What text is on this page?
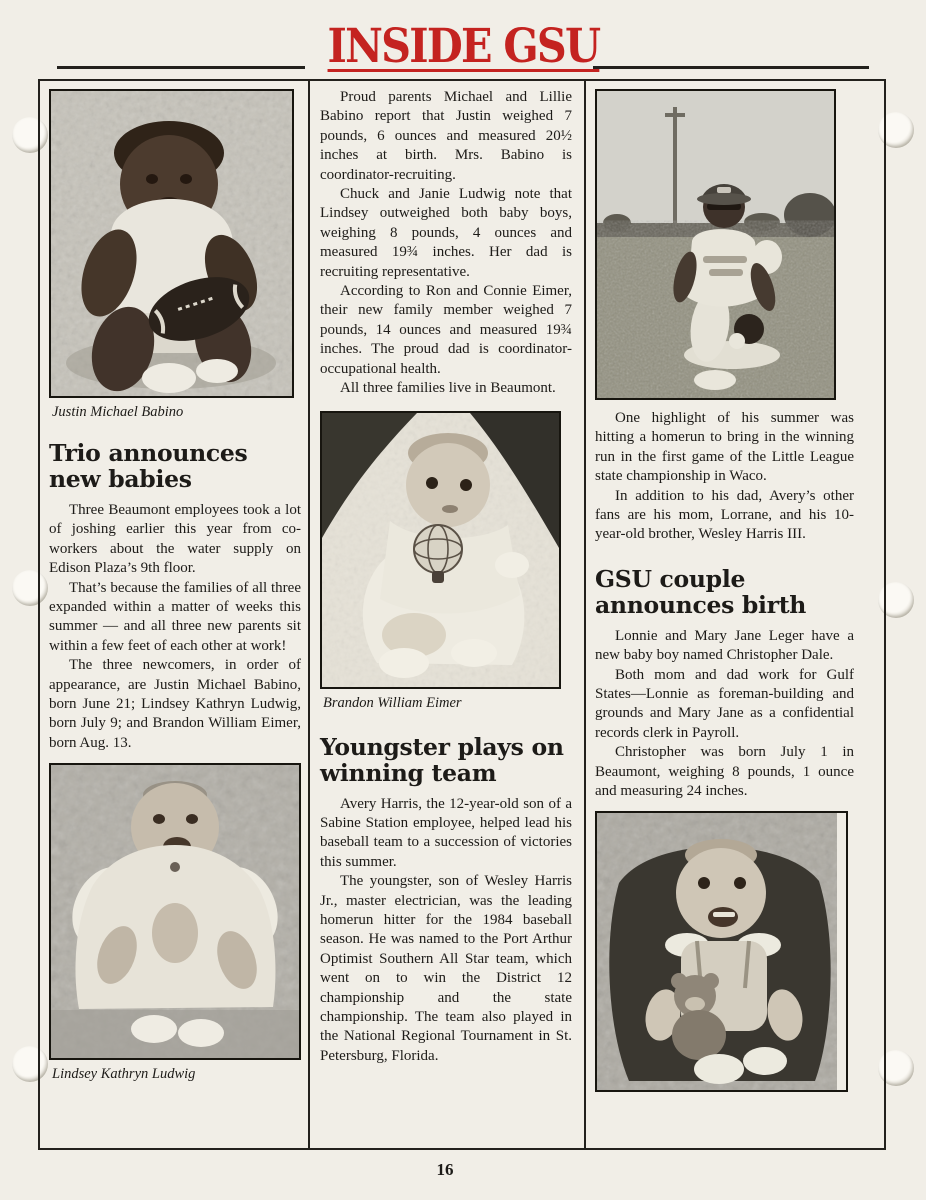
INSIDE GSU
Justin Michael Babino
Trio announces new babies

Three Beaumont employees took a lot of joshing earlier this year from co-workers about the water supply on Edison Plaza’s 9th floor.

That’s because the families of all three expanded within a matter of weeks this summer — and all three new parents sit within a few feet of each other at work!

The three newcomers, in order of appearance, are Justin Michael Babino, born June 21; Lindsey Kathryn Ludwig, born July 9; and Brandon William Eimer, born Aug. 13.

Lindsey Kathryn Ludwig

Proud parents Michael and Lillie Babino report that Justin weighed 7 pounds, 6 ounces and measured 20½ inches at birth. Mrs. Babino is coordinator-recruiting.

Chuck and Janie Ludwig note that Lindsey outweighed both baby boys, weighing 8 pounds, 4 ounces and measured 19¾ inches. Her dad is recruiting representative.

According to Ron and Connie Eimer, their new family member weighed 7 pounds, 14 ounces and measured 19¾ inches. The proud dad is coordinator-occupational health.

All three families live in Beaumont.

Brandon William Eimer
Youngster plays on winning team

Avery Harris, the 12-year-old son of a Sabine Station employee, helped lead his baseball team to a succession of victories this summer.

The youngster, son of Wesley Harris Jr., master electrician, was the leading homerun hitter for the 1984 baseball season. He was named to the Port Arthur Optimist Southern All Star team, which went on to win the District 12 championship and the state championship. The team also played in the National Regional Tournament in St. Petersburg, Florida.

One highlight of his summer was hitting a homerun to bring in the winning run in the first game of the Little League state championship in Waco.

In addition to his dad, Avery’s other fans are his mom, Lorrane, and his 10-year-old brother, Wesley Harris III.

GSU couple announces birth

Lonnie and Mary Jane Leger have a new baby boy named Christopher Dale.

Both mom and dad work for Gulf States—Lonnie as foreman-building and grounds and Mary Jane as a confidential records clerk in Payroll.

Christopher was born July 1 in Beaumont, weighing 8 pounds, 1 ounce and measuring 24 inches.

16
